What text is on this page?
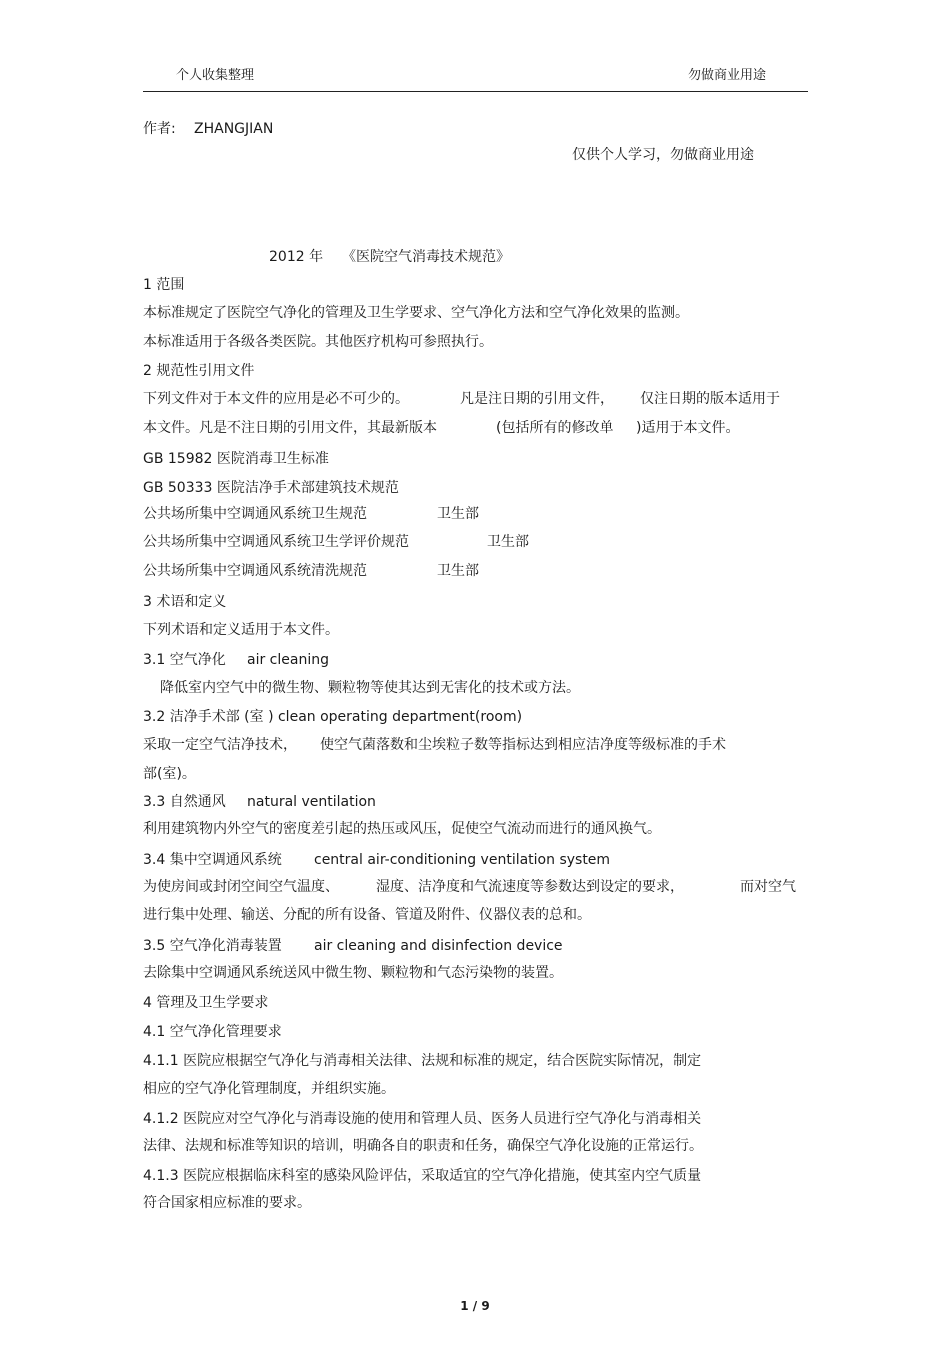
个人收集整理	勿做商业用途
作者: ZHANGJIAN
仅供个人学习，勿做商业用途
2012 年 《医院空气消毒技术规范》
1 范围
本标准规定了医院空气净化的管理及卫生学要求、空气净化方法和空气净化效果的监测。
本标准适用于各级各类医院。其他医疗机构可参照执行。
2 规范性引用文件
下列文件对于本文件的应用是必不可少的。	凡是注日期的引用文件， 仅注日期的版本适用于
本文件。凡是不注日期的引用文件，其最新版本	(包括所有的修改单 )适用于本文件。
GB 15982 医院消毒卫生标准
GB 50333 医院洁净手术部建筑技术规范
公共场所集中空调通风系统卫生规范	卫生部
公共场所集中空调通风系统卫生学评价规范	卫生部
公共场所集中空调通风系统清洗规范	卫生部
3 术语和定义
下列术语和定义适用于本文件。
3.1 空气净化 air cleaning
降低室内空气中的微生物、颗粒物等使其达到无害化的技术或方法。
3.2 洁净手术部 (室 ) clean operating department(room)
采取一定空气洁净技术， 使空气菌落数和尘埃粒子数等指标达到相应洁净度等级标准的手术
部(室)。
3.3 自然通风 natural ventilation
利用建筑物内外空气的密度差引起的热压或风压，促使空气流动而进行的通风换气。
3.4 集中空调通风系统 central air-conditioning ventilation system
为使房间或封闭空间空气温度、	湿度、洁净度和气流速度等参数达到设定的要求，	而对空气
进行集中处理、输送、分配的所有设备、管道及附件、仪器仪表的总和。
3.5 空气净化消毒装置 air cleaning and disinfection device
去除集中空调通风系统送风中微生物、颗粒物和气态污染物的装置。
4 管理及卫生学要求
4.1 空气净化管理要求
4.1.1 医院应根据空气净化与消毒相关法律、法规和标准的规定，结合医院实际情况，制定
相应的空气净化管理制度，并组织实施。
4.1.2 医院应对空气净化与消毒设施的使用和管理人员、医务人员进行空气净化与消毒相关
法律、法规和标准等知识的培训，明确各自的职责和任务，确保空气净化设施的正常运行。
4.1.3 医院应根据临床科室的感染风险评估，采取适宜的空气净化措施，使其室内空气质量
符合国家相应标准的要求。
1 / 9
